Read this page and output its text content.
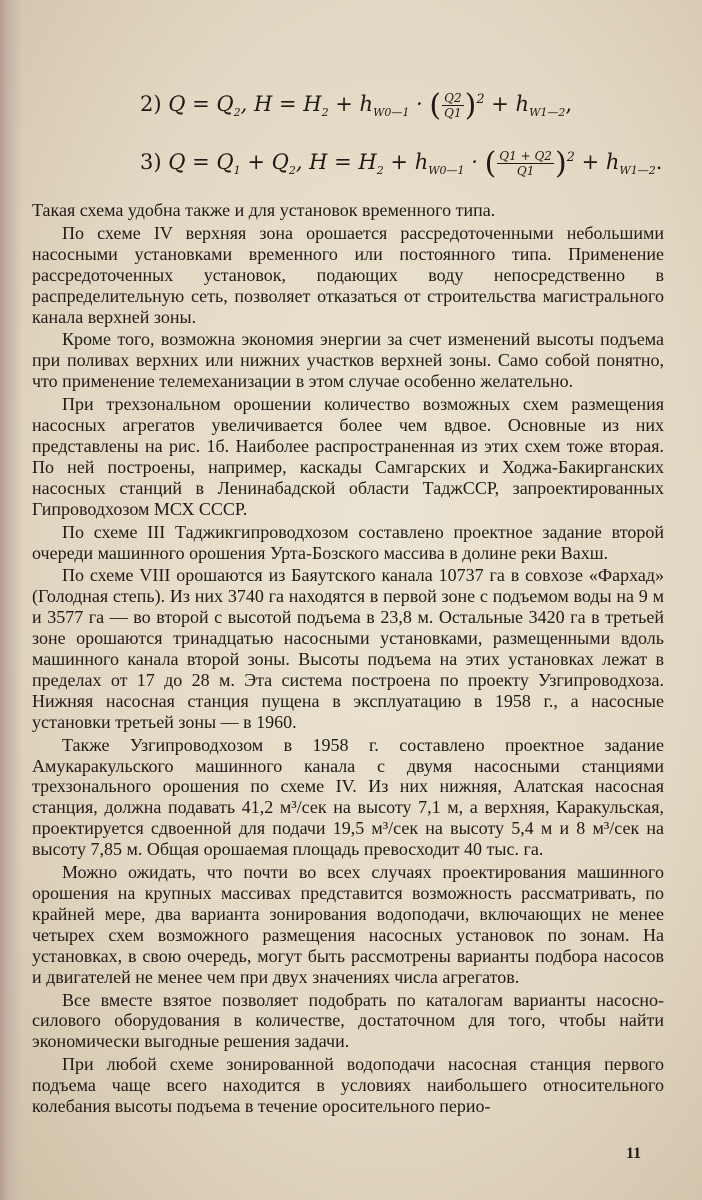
2) $Q = Q_2$, $H = H_2 + h_{W0—1}$ · ( $\frac{Q2}{Q1} )^2 + h_{W1—2}$,
3) $Q = Q_1 + Q_2$, $H = H_2 + h_{W0—1}$ · ( $\frac{Q1 + Q2}{Q1} )^2 + h_{W1—2}$.

Такая схема удобна также и для установок временного типа.

По схеме IV верхняя зона орошается рассредоточенными небольшими насосными установками временного или постоянного типа. Применение рассредоточенных установок, подающих воду непосредственно в распределительную сеть, позволяет отказаться от строительства магистрального канала верхней зоны.

Кроме того, возможна экономия энергии за счет изменений высоты подъема при поливах верхних или нижних участков верхней зоны. Само собой понятно, что применение телемеханизации в этом случае особенно желательно.

При трехзональном орошении количество возможных схем размещения насосных агрегатов увеличивается более чем вдвое. Основные из них представлены на рис. 1б. Наиболее распространенная из этих схем тоже вторая. По ней построены, например, каскады Самгарских и Ходжа-Бакирганских насосных станций в Ленинабадской области ТаджССР, запроектированных Гипроводхозом МСХ СССР.

По схеме III Таджикгипроводхозом составлено проектное задание второй очереди машинного орошения Урта-Бозского массива в долине реки Вахш.

По схеме VIII орошаются из Баяутского канала 10737 га в совхозе «Фархад» (Голодная степь). Из них 3740 га находятся в первой зоне с подъемом воды на 9 м и 3577 га — во второй с высотой подъема в 23,8 м. Остальные 3420 га в третьей зоне орошаются тринадцатью насосными установками, размещенными вдоль машинного канала второй зоны. Высоты подъема на этих установках лежат в пределах от 17 до 28 м. Эта система построена по проекту Узгипроводхоза. Нижняя насосная станция пущена в эксплуатацию в 1958 г., а насосные установки третьей зоны — в 1960.

Также Узгипроводхозом в 1958 г. составлено проектное задание Амукаракульского машинного канала с двумя насосными станциями трехзонального орошения по схеме IV. Из них нижняя, Алатская насосная станция, должна подавать 41,2 м³/сек на высоту 7,1 м, а верхняя, Каракульская, проектируется сдвоенной для подачи 19,5 м³/сек на высоту 5,4 м и 8 м³/сек на высоту 7,85 м. Общая орошаемая площадь превосходит 40 тыс. га.

Можно ожидать, что почти во всех случаях проектирования машинного орошения на крупных массивах представится возможность рассматривать, по крайней мере, два варианта зонирования водоподачи, включающих не менее четырех схем возможного размещения насосных установок по зонам. На установках, в свою очередь, могут быть рассмотрены варианты подбора насосов и двигателей не менее чем при двух значениях числа агрегатов.

Все вместе взятое позволяет подобрать по каталогам варианты насосно-силового оборудования в количестве, достаточном для того, чтобы найти экономически выгодные решения задачи.

При любой схеме зонированной водоподачи насосная станция первого подъема чаще всего находится в условиях наибольшего относительного колебания высоты подъема в течение оросительного перио-

11
